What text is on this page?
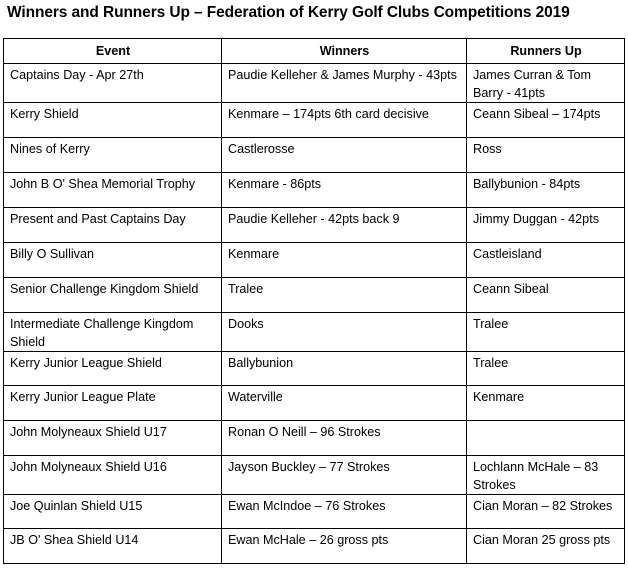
Winners and Runners Up – Federation of Kerry Golf Clubs Competitions 2019
Event	Winners	Runners Up
Captains Day - Apr 27th	Paudie Kelleher & James Murphy - 43pts	James Curran & Tom Barry - 41pts
Kerry Shield	Kenmare – 174pts 6th card decisive	Ceann Sibeal – 174pts
Nines of Kerry	Castlerosse	Ross
John B O' Shea Memorial Trophy	Kenmare - 86pts	Ballybunion - 84pts
Present and Past Captains Day	Paudie Kelleher - 42pts back 9	Jimmy Duggan - 42pts
Billy O Sullivan	Kenmare	Castleisland
Senior Challenge Kingdom Shield	Tralee	Ceann Sibeal
Intermediate Challenge Kingdom Shield	Dooks	Tralee
Kerry Junior League Shield	Ballybunion	Tralee
Kerry Junior League Plate	Waterville	Kenmare
John Molyneaux Shield U17	Ronan O Neill – 96 Strokes	
John Molyneaux Shield U16	Jayson Buckley – 77 Strokes	Lochlann McHale – 83 Strokes
Joe Quinlan Shield U15	Ewan McIndoe – 76 Strokes	Cian Moran – 82 Strokes
JB O' Shea Shield U14	Ewan McHale – 26 gross pts	Cian Moran 25 gross pts
